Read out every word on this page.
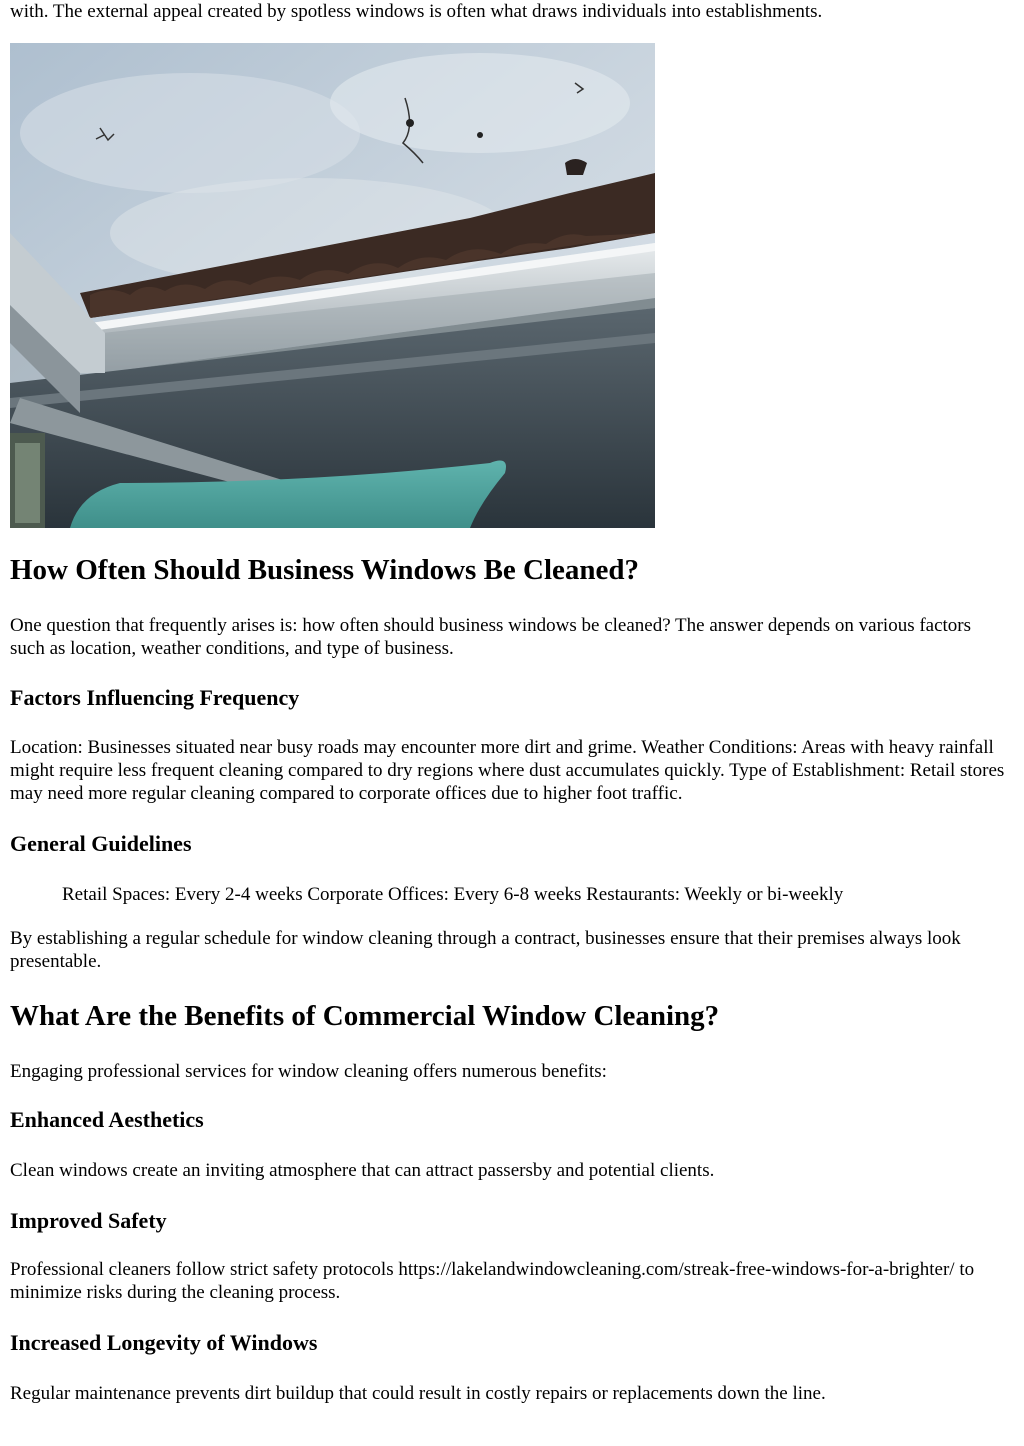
with. The external appeal created by spotless windows is often what draws individuals into establishments.

How Often Should Business Windows Be Cleaned?

One question that frequently arises is: how often should business windows be cleaned? The answer depends on various factors such as location, weather conditions, and type of business.

Factors Influencing Frequency

Location: Businesses situated near busy roads may encounter more dirt and grime. Weather Conditions: Areas with heavy rainfall might require less frequent cleaning compared to dry regions where dust accumulates quickly. Type of Establishment: Retail stores may need more regular cleaning compared to corporate offices due to higher foot traffic.

General Guidelines

Retail Spaces: Every 2-4 weeks Corporate Offices: Every 6-8 weeks Restaurants: Weekly or bi-weekly

By establishing a regular schedule for window cleaning through a contract, businesses ensure that their premises always look presentable.

What Are the Benefits of Commercial Window Cleaning?

Engaging professional services for window cleaning offers numerous benefits:

Enhanced Aesthetics

Clean windows create an inviting atmosphere that can attract passersby and potential clients.

Improved Safety

Professional cleaners follow strict safety protocols https://lakelandwindowcleaning.com/streak-free-windows-for-a-brighter/ to minimize risks during the cleaning process.

Increased Longevity of Windows

Regular maintenance prevents dirt buildup that could result in costly repairs or replacements down the line.
